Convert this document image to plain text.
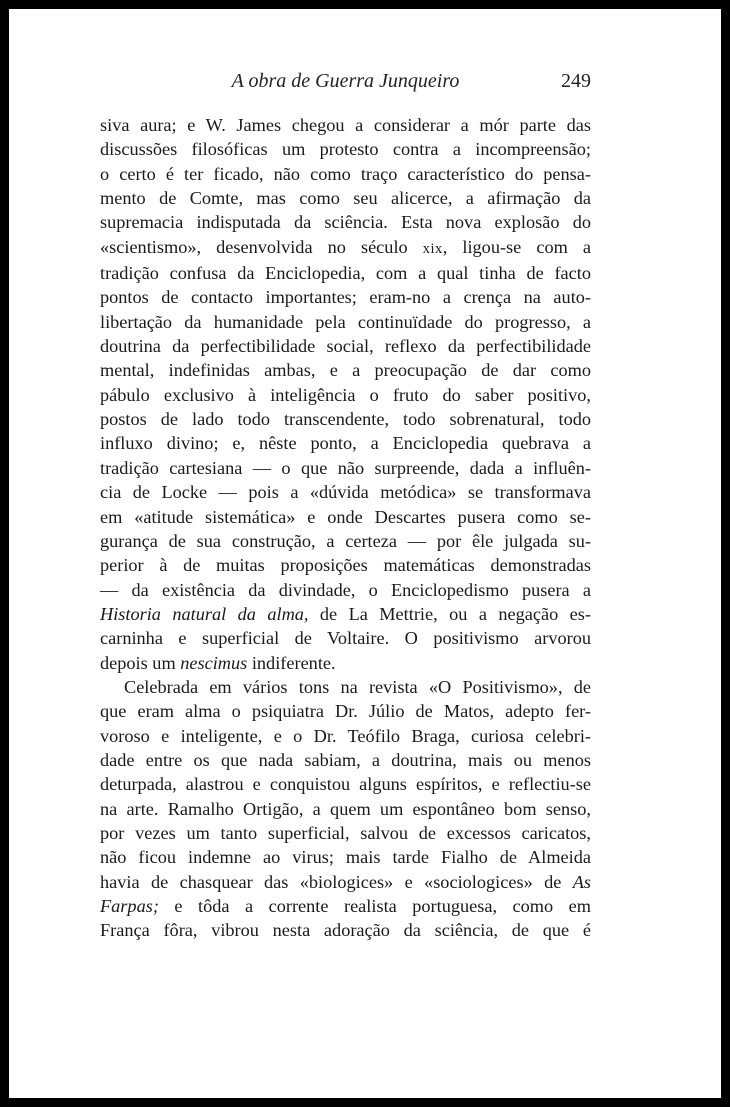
A obra de Guerra Junqueiro	249
siva aura; e W. James chegou a considerar a mór parte das
discussões filosóficas um protesto contra a incompreensão;
o certo é ter ficado, não como traço característico do pensa-
mento de Comte, mas como seu alicerce, a afirmação da
supremacia indisputada da sciência. Esta nova explosão do
«scientismo», desenvolvida no século xix, ligou-se com a
tradição confusa da Enciclopedia, com a qual tinha de facto
pontos de contacto importantes; eram-no a crença na auto-
libertação da humanidade pela continuïdade do progresso, a
doutrina da perfectibilidade social, reflexo da perfectibilidade
mental, indefinidas ambas, e a preocupação de dar como
pábulo exclusivo à inteligência o fruto do saber positivo,
postos de lado todo transcendente, todo sobrenatural, todo
influxo divino; e, nêste ponto, a Enciclopedia quebrava a
tradição cartesiana — o que não surpreende, dada a influên-
cia de Locke — pois a «dúvida metódica» se transformava
em «atitude sistemática» e onde Descartes pusera como se-
gurança de sua construção, a certeza — por êle julgada su-
perior à de muitas proposições matemáticas demonstradas
— da existência da divindade, o Enciclopedismo pusera a
Historia natural da alma, de La Mettrie, ou a negação es-
carninha e superficial de Voltaire. O positivismo arvorou
depois um nescimus indiferente.
Celebrada em vários tons na revista «O Positivismo», de
que eram alma o psiquiatra Dr. Júlio de Matos, adepto fer-
voroso e inteligente, e o Dr. Teófilo Braga, curiosa celebri-
dade entre os que nada sabiam, a doutrina, mais ou menos
deturpada, alastrou e conquistou alguns espíritos, e reflectiu-se
na arte. Ramalho Ortigão, a quem um espontâneo bom senso,
por vezes um tanto superficial, salvou de excessos caricatos,
não ficou indemne ao virus; mais tarde Fialho de Almeida
havia de chasquear das «biologices» e «sociologices» de As
Farpas; e tôda a corrente realista portuguesa, como em
França fôra, vibrou nesta adoração da sciência, de que é
